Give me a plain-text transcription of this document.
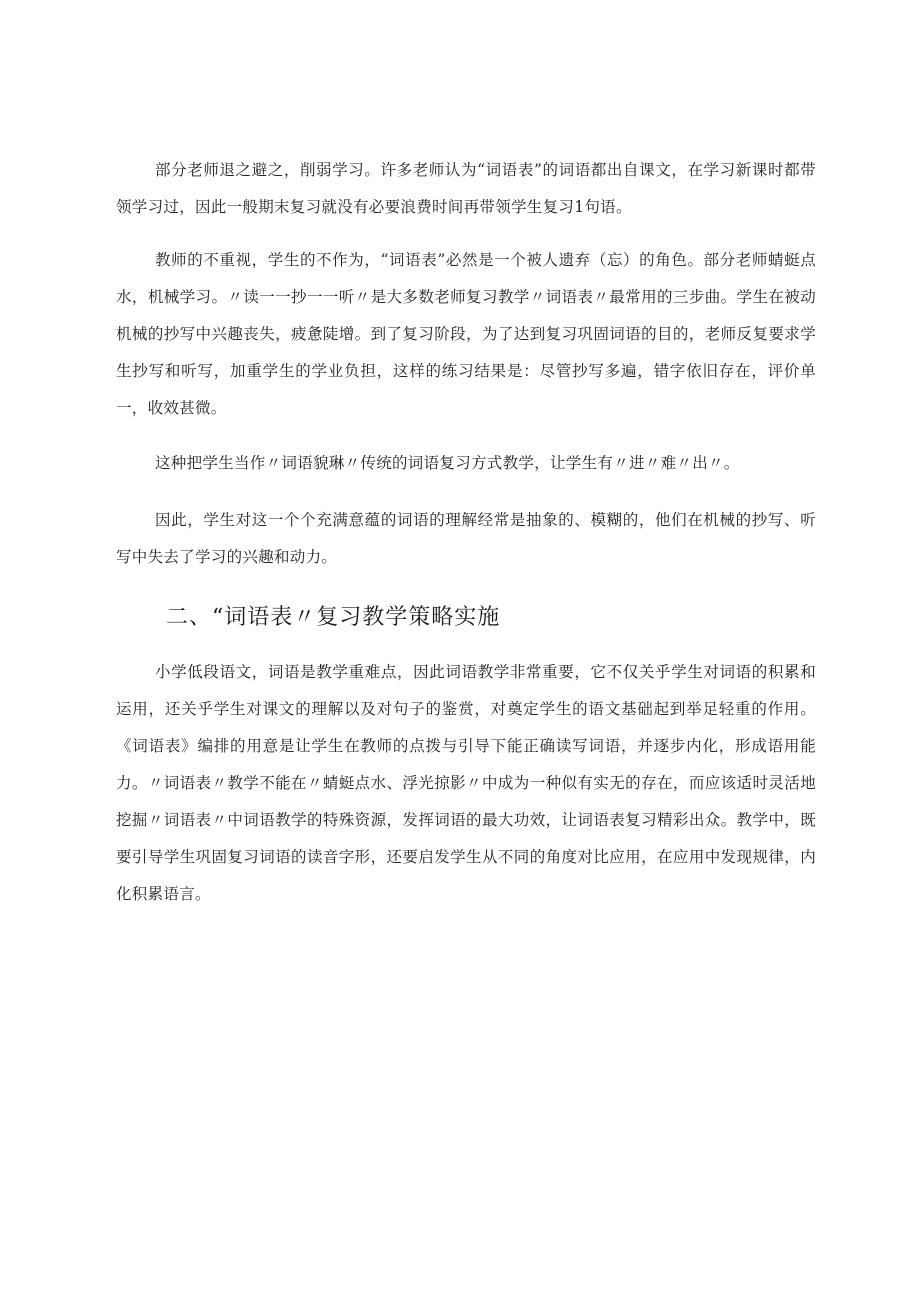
部分老师退之避之，削弱学习。许多老师认为“词语表”的词语都出自课文，在学习新课时都带领学习过，因此一般期末复习就没有必要浪费时间再带领学生复习1句语。

教师的不重视，学生的不作为，“词语表”必然是一个被人遗弃（忘）的角色。部分老师蜻蜓点水，机械学习。〃读一一抄一一听〃是大多数老师复习教学〃词语表〃最常用的三步曲。学生在被动机械的抄写中兴趣丧失，疲惫陡增。到了复习阶段，为了达到复习巩固词语的目的，老师反复要求学生抄写和听写，加重学生的学业负担，这样的练习结果是：尽管抄写多遍，错字依旧存在，评价单一，收效甚微。

这种把学生当作〃词语貌琳〃传统的词语复习方式教学，让学生有〃进〃难〃出〃。

因此，学生对这一个个充满意蕴的词语的理解经常是抽象的、模糊的，他们在机械的抄写、听写中失去了学习的兴趣和动力。

二、“词语表〃复习教学策略实施

小学低段语文，词语是教学重难点，因此词语教学非常重要，它不仅关乎学生对词语的积累和运用，还关乎学生对课文的理解以及对句子的鉴赏，对奠定学生的语文基础起到举足轻重的作用。《词语表》编排的用意是让学生在教师的点拨与引导下能正确读写词语，并逐步内化，形成语用能力。〃词语表〃教学不能在〃蜻蜓点水、浮光掠影〃中成为一种似有实无的存在，而应该适时灵活地挖掘〃词语表〃中词语教学的特殊资源，发挥词语的最大功效，让词语表复习精彩出众。教学中，既要引导学生巩固复习词语的读音字形，还要启发学生从不同的角度对比应用，在应用中发现规律，内化积累语言。
